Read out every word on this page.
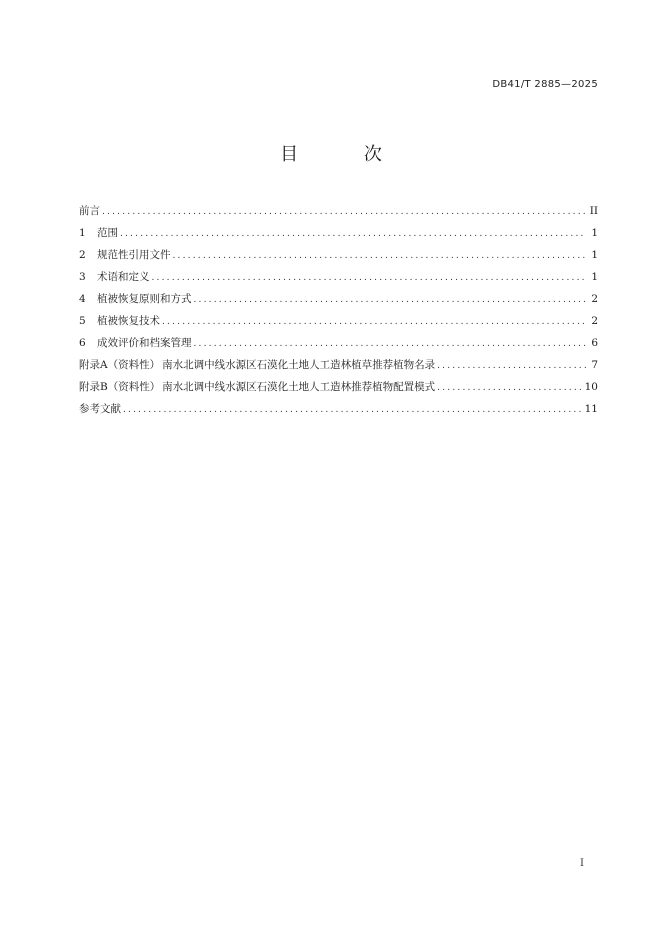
DB41/T 2885—2025
目 次
前言 .....	II
1	范围 .....	1
2	规范性引用文件 .....	1
3	术语和定义 .....	1
4	植被恢复原则和方式 .....	2
5	植被恢复技术 .....	2
6	成效评价和档案管理 .....	6
附录A（资料性） 南水北调中线水源区石漠化土地人工造林植草推荐植物名录 .....	7
附录B（资料性） 南水北调中线水源区石漠化土地人工造林推荐植物配置模式 .....	10
参考文献 .....	11
I
